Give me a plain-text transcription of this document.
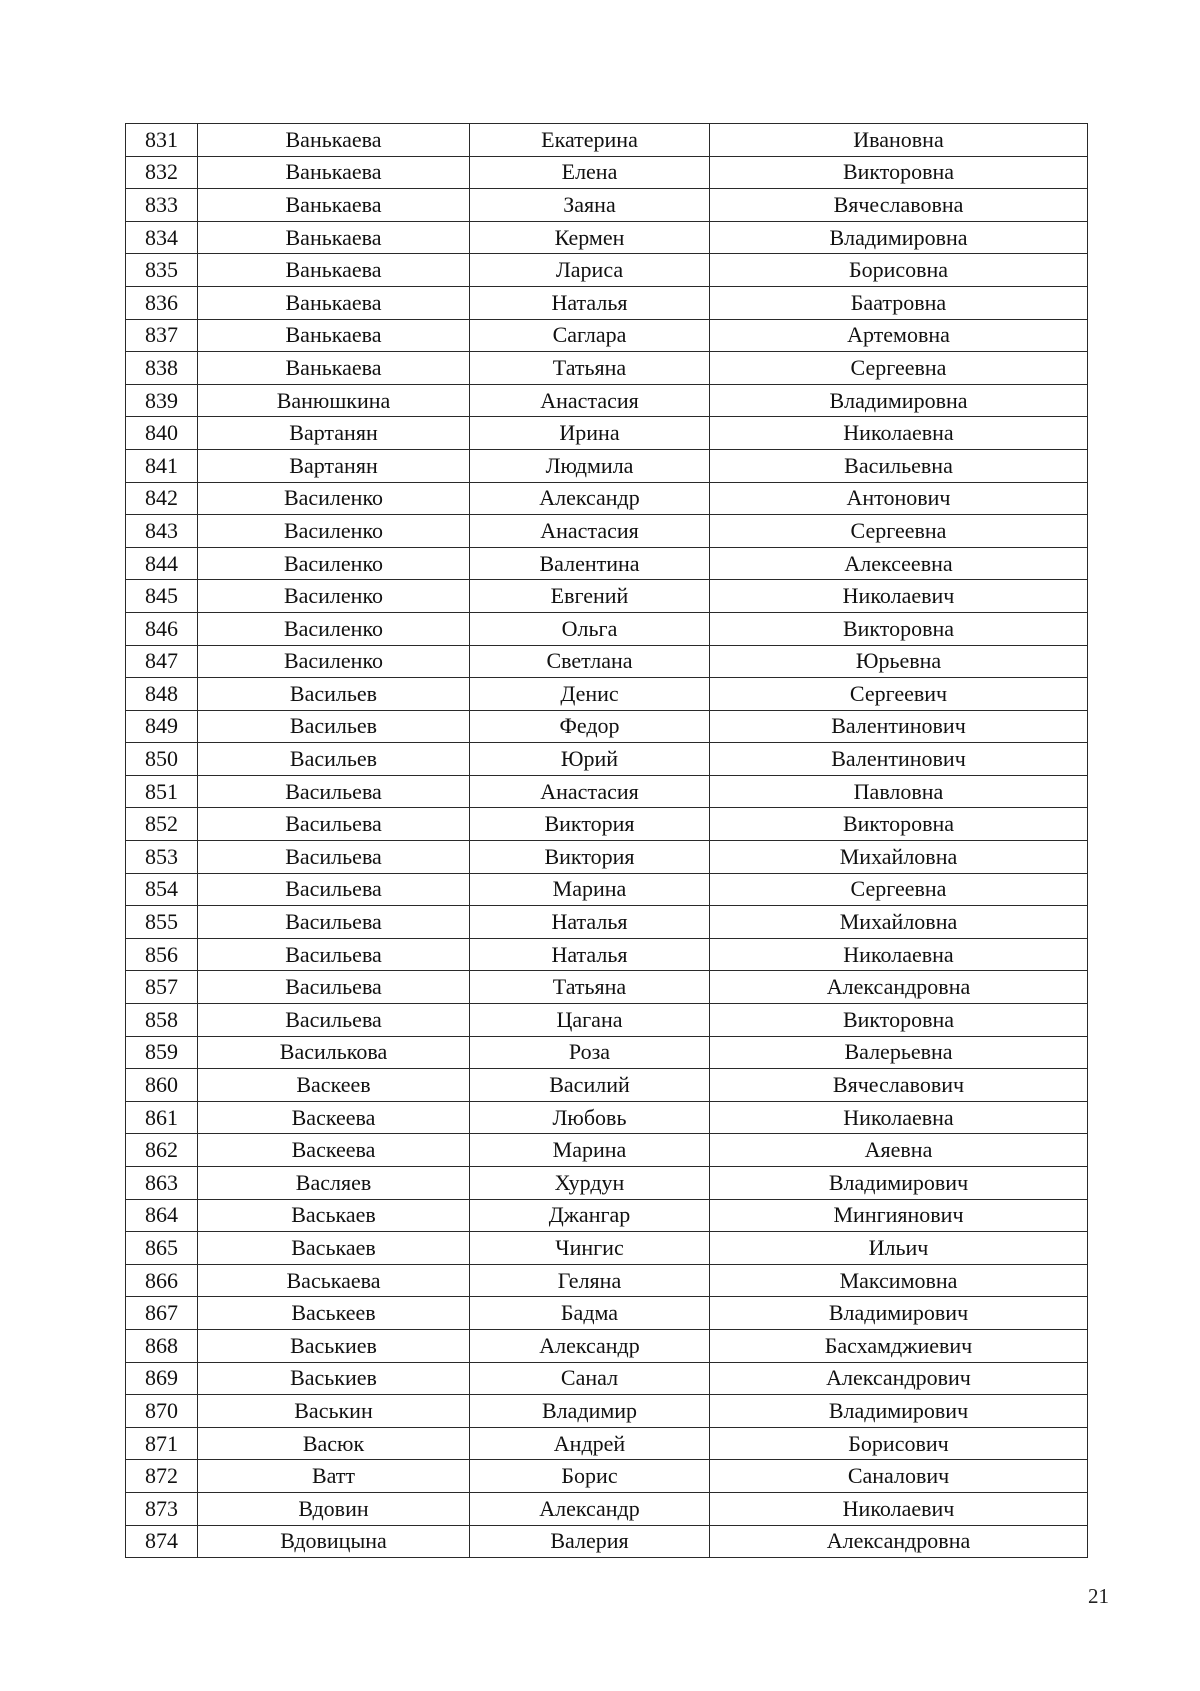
831	Ванькаева	Екатерина	Ивановна
832	Ванькаева	Елена	Викторовна
833	Ванькаева	Заяна	Вячеславовна
834	Ванькаева	Кермен	Владимировна
835	Ванькаева	Лариса	Борисовна
836	Ванькаева	Наталья	Баатровна
837	Ванькаева	Саглара	Артемовна
838	Ванькаева	Татьяна	Сергеевна
839	Ванюшкина	Анастасия	Владимировна
840	Вартанян	Ирина	Николаевна
841	Вартанян	Людмила	Васильевна
842	Василенко	Александр	Антонович
843	Василенко	Анастасия	Сергеевна
844	Василенко	Валентина	Алексеевна
845	Василенко	Евгений	Николаевич
846	Василенко	Ольга	Викторовна
847	Василенко	Светлана	Юрьевна
848	Васильев	Денис	Сергеевич
849	Васильев	Федор	Валентинович
850	Васильев	Юрий	Валентинович
851	Васильева	Анастасия	Павловна
852	Васильева	Виктория	Викторовна
853	Васильева	Виктория	Михайловна
854	Васильева	Марина	Сергеевна
855	Васильева	Наталья	Михайловна
856	Васильева	Наталья	Николаевна
857	Васильева	Татьяна	Александровна
858	Васильева	Цагана	Викторовна
859	Василькова	Роза	Валерьевна
860	Васкеев	Василий	Вячеславович
861	Васкеева	Любовь	Николаевна
862	Васкеева	Марина	Аяевна
863	Васляев	Хурдун	Владимирович
864	Васькаев	Джангар	Мингиянович
865	Васькаев	Чингис	Ильич
866	Васькаева	Геляна	Максимовна
867	Васькеев	Бадма	Владимирович
868	Васькиев	Александр	Басхамджиевич
869	Васькиев	Санал	Александрович
870	Васькин	Владимир	Владимирович
871	Васюк	Андрей	Борисович
872	Ватт	Борис	Саналович
873	Вдовин	Александр	Николаевич
874	Вдовицына	Валерия	Александровна
21
